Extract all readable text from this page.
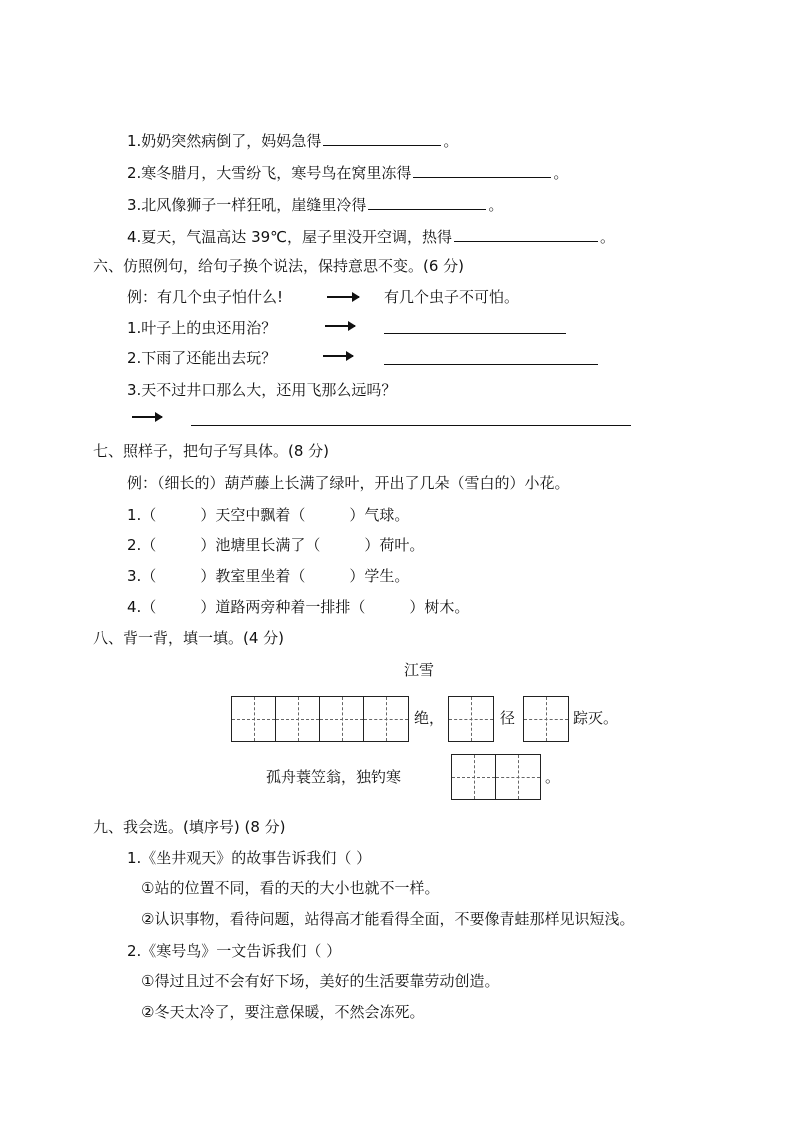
1.奶奶突然病倒了，妈妈急得	。
2.寒冬腊月，大雪纷飞，寒号鸟在窝里冻得	。
3.北风像狮子一样狂吼，崖缝里冷得	。
4.夏天，气温高达 39℃，屋子里没开空调，热得	。
六、仿照例句，给句子换个说法，保持意思不变。(6 分)
例：有几个虫子怕什么!	有几个虫子不可怕。
1.叶子上的虫还用治？
2.下雨了还能出去玩？
3.天不过井口那么大，还用飞那么远吗？
七、照样子，把句子写具体。(8 分)
例：（细长的）葫芦藤上长满了绿叶，开出了几朵（雪白的）小花。
1.（	）天空中飘着（	）气球。
2.（	）池塘里长满了（	）荷叶。
3.（	）教室里坐着（	）学生。
4.（	）道路两旁种着一排排（	）树木。
八、背一背，填一填。(4 分)
江雪
绝，	径	踪灭。
孤舟蓑笠翁，独钓寒	。
九、我会选。(填序号) (8 分)
1.《坐井观天》的故事告诉我们（ ）
①站的位置不同，看的天的大小也就不一样。
②认识事物，看待问题，站得高才能看得全面，不要像青蛙那样见识短浅。
2.《寒号鸟》一文告诉我们（ ）
①得过且过不会有好下场，美好的生活要靠劳动创造。
②冬天太冷了，要注意保暖，不然会冻死。
